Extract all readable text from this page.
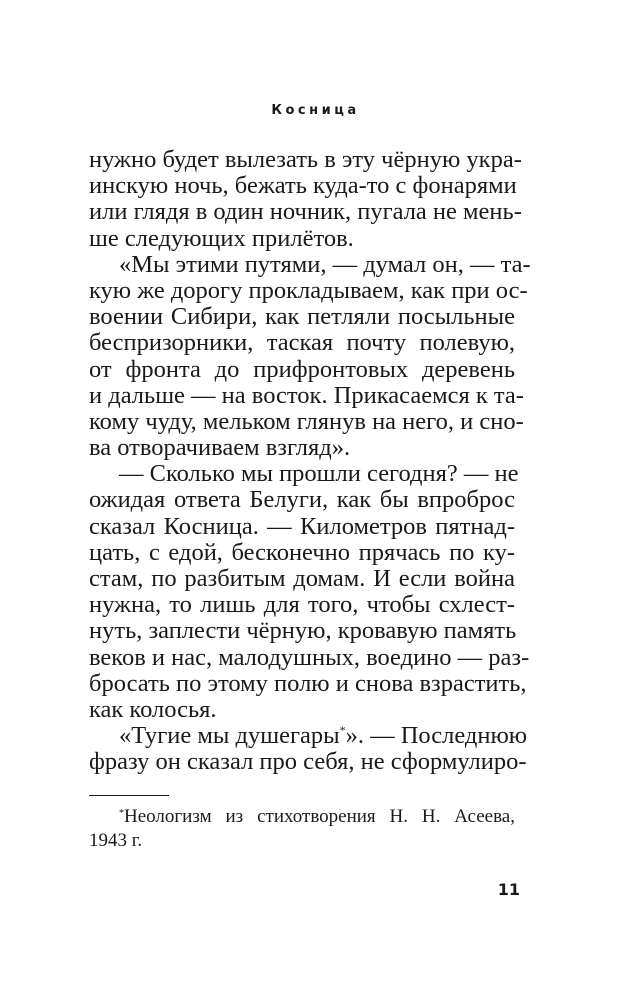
Косница
нужно будет вылезать в эту чёрную укра-
инскую ночь, бежать куда-то с фонарями
или глядя в один ночник, пугала не мень-
ше следующих прилётов.
«Мы этими путями, — думал он, — та-
кую же дорогу прокладываем, как при ос-
воении Сибири, как петляли посыльные
беспризорники, таская почту полевую,
от фронта до прифронтовых деревень
и дальше — на восток. Прикасаемся к та-
кому чуду, мельком глянув на него, и сно-
ва отворачиваем взгляд».
— Сколько мы прошли сегодня? — не
ожидая ответа Белуги, как бы впроброс
сказал Косница. — Километров пятнад-
цать, с едой, бесконечно прячась по ку-
стам, по разбитым домам. И если война
нужна, то лишь для того, чтобы схлест-
нуть, заплести чёрную, кровавую память
веков и нас, малодушных, воедино — раз-
бросать по этому полю и снова взрастить,
как колосья.
«Тугие мы душегары*». — Последнюю
фразу он сказал про себя, не сформулиро-
*Неологизм из стихотворения Н. Н. Асеева,
1943 г.
11
